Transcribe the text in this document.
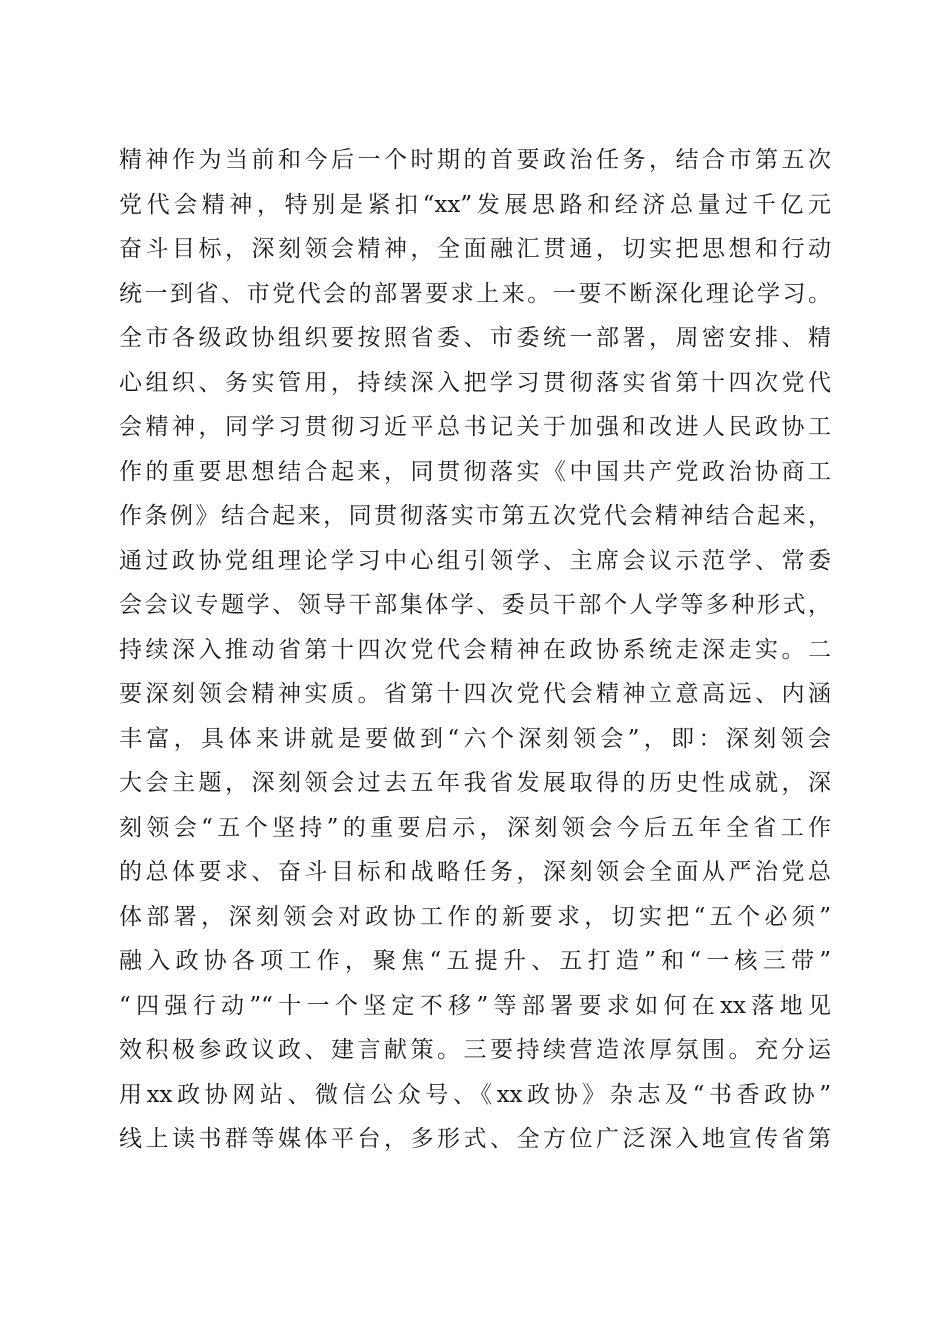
精神作为当前和今后一个时期的首要政治任务，结合市第五次
党代会精神，特别是紧扣“xx”发展思路和经济总量过千亿元
奋斗目标，深刻领会精神，全面融汇贯通，切实把思想和行动
统一到省、市党代会的部署要求上来。一要不断深化理论学习。
全市各级政协组织要按照省委、市委统一部署，周密安排、精
心组织、务实管用，持续深入把学习贯彻落实省第十四次党代
会精神，同学习贯彻习近平总书记关于加强和改进人民政协工
作的重要思想结合起来，同贯彻落实《中国共产党政治协商工
作条例》结合起来，同贯彻落实市第五次党代会精神结合起来，
通过政协党组理论学习中心组引领学、主席会议示范学、常委
会会议专题学、领导干部集体学、委员干部个人学等多种形式，
持续深入推动省第十四次党代会精神在政协系统走深走实。二
要深刻领会精神实质。省第十四次党代会精神立意高远、内涵
丰富，具体来讲就是要做到“六个深刻领会”，即：深刻领会
大会主题，深刻领会过去五年我省发展取得的历史性成就，深
刻领会“五个坚持”的重要启示，深刻领会今后五年全省工作
的总体要求、奋斗目标和战略任务，深刻领会全面从严治党总
体部署，深刻领会对政协工作的新要求，切实把“五个必须”
融入政协各项工作，聚焦“五提升、五打造”和“一核三带”
“四强行动”“十一个坚定不移”等部署要求如何在xx落地见
效积极参政议政、建言献策。三要持续营造浓厚氛围。充分运
用xx政协网站、微信公众号、《xx政协》杂志及“书香政协”
线上读书群等媒体平台，多形式、全方位广泛深入地宣传省第
